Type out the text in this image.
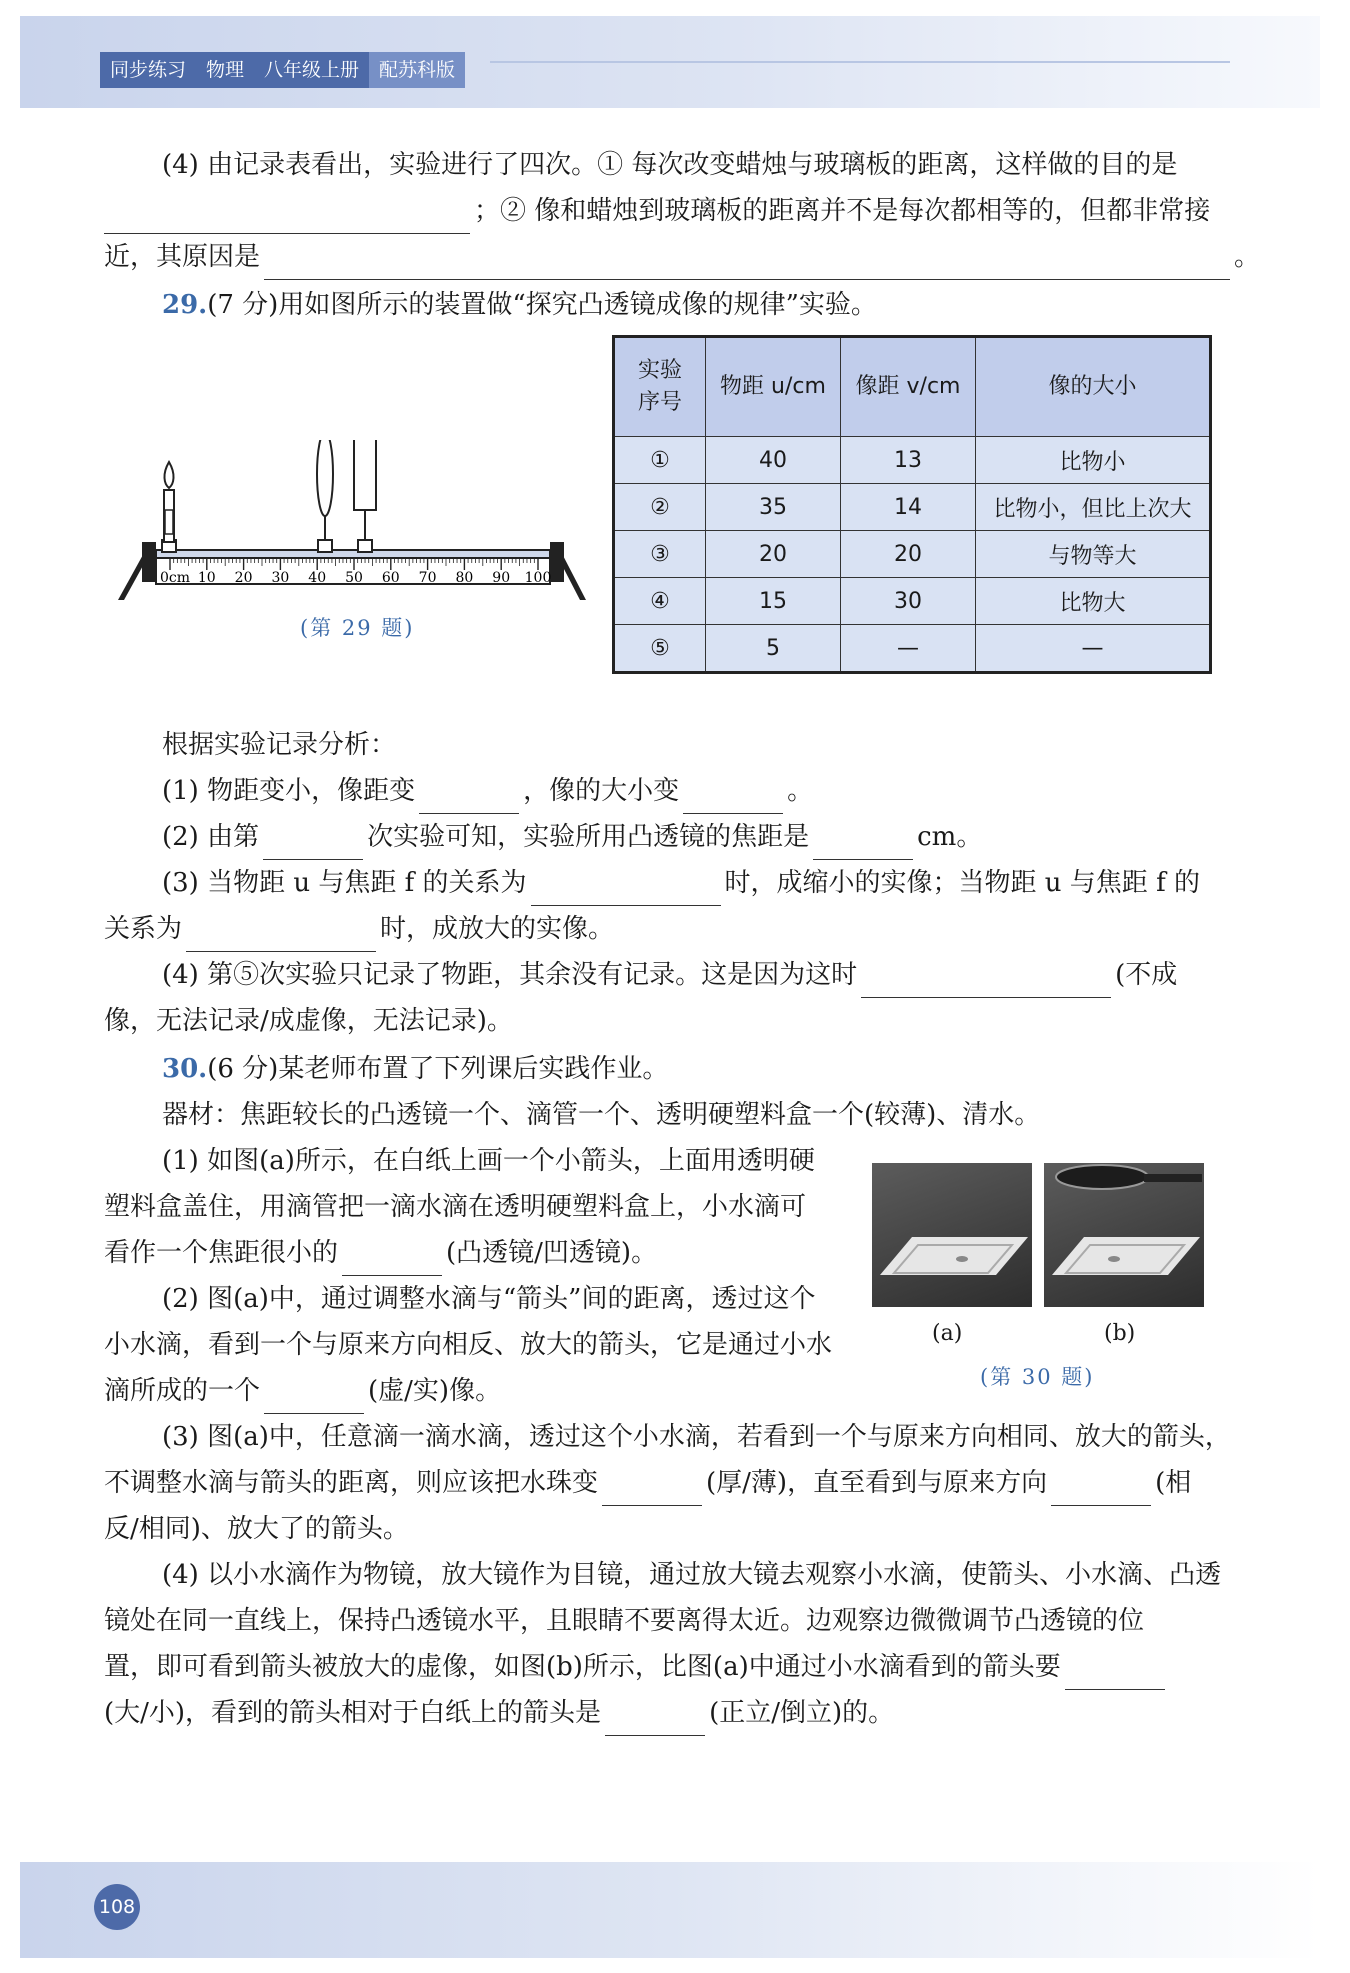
同步练习	物理	八年级上册	配苏科版
(4) 由记录表看出，实验进行了四次。① 每次改变蜡烛与玻璃板的距离，这样做的目的是
；② 像和蜡烛到玻璃板的距离并不是每次都相等的，但都非常接
近，其原因是	。
29.(7 分)用如图所示的装置做“探究凸透镜成像的规律”实验。
0cm 10 20 30 40 50 60 70 80 90 100
(第 29 题)
实验
序号	物距 u/cm	像距 v/cm	像的大小
①	40	13	比物小
②	35	14	比物小，但比上次大
③	20	20	与物等大
④	15	30	比物大
⑤	5	—	—
根据实验记录分析：
(1) 物距变小，像距变	，像的大小变	。
(2) 由第	次实验可知，实验所用凸透镜的焦距是	cm。
(3) 当物距 u 与焦距 f 的关系为	时，成缩小的实像；当物距 u 与焦距 f 的
关系为	时，成放大的实像。
(4) 第⑤次实验只记录了物距，其余没有记录。这是因为这时	(不成
像，无法记录/成虚像，无法记录)。
30.(6 分)某老师布置了下列课后实践作业。
器材：焦距较长的凸透镜一个、滴管一个、透明硬塑料盒一个(较薄)、清水。
(1) 如图(a)所示，在白纸上画一个小箭头，上面用透明硬
塑料盒盖住，用滴管把一滴水滴在透明硬塑料盒上，小水滴可
看作一个焦距很小的	(凸透镜/凹透镜)。
(2) 图(a)中，通过调整水滴与“箭头”间的距离，透过这个
小水滴，看到一个与原来方向相反、放大的箭头，它是通过小水
滴所成的一个	(虚/实)像。
(a)	(b)
(第 30 题)
(3) 图(a)中，任意滴一滴水滴，透过这个小水滴，若看到一个与原来方向相同、放大的箭头，
不调整水滴与箭头的距离，则应该把水珠变	(厚/薄)，直至看到与原来方向	(相
反/相同)、放大了的箭头。
(4) 以小水滴作为物镜，放大镜作为目镜，通过放大镜去观察小水滴，使箭头、小水滴、凸透
镜处在同一直线上，保持凸透镜水平，且眼睛不要离得太近。边观察边微微调节凸透镜的位
置，即可看到箭头被放大的虚像，如图(b)所示，比图(a)中通过小水滴看到的箭头要
(大/小)，看到的箭头相对于白纸上的箭头是	(正立/倒立)的。
108
